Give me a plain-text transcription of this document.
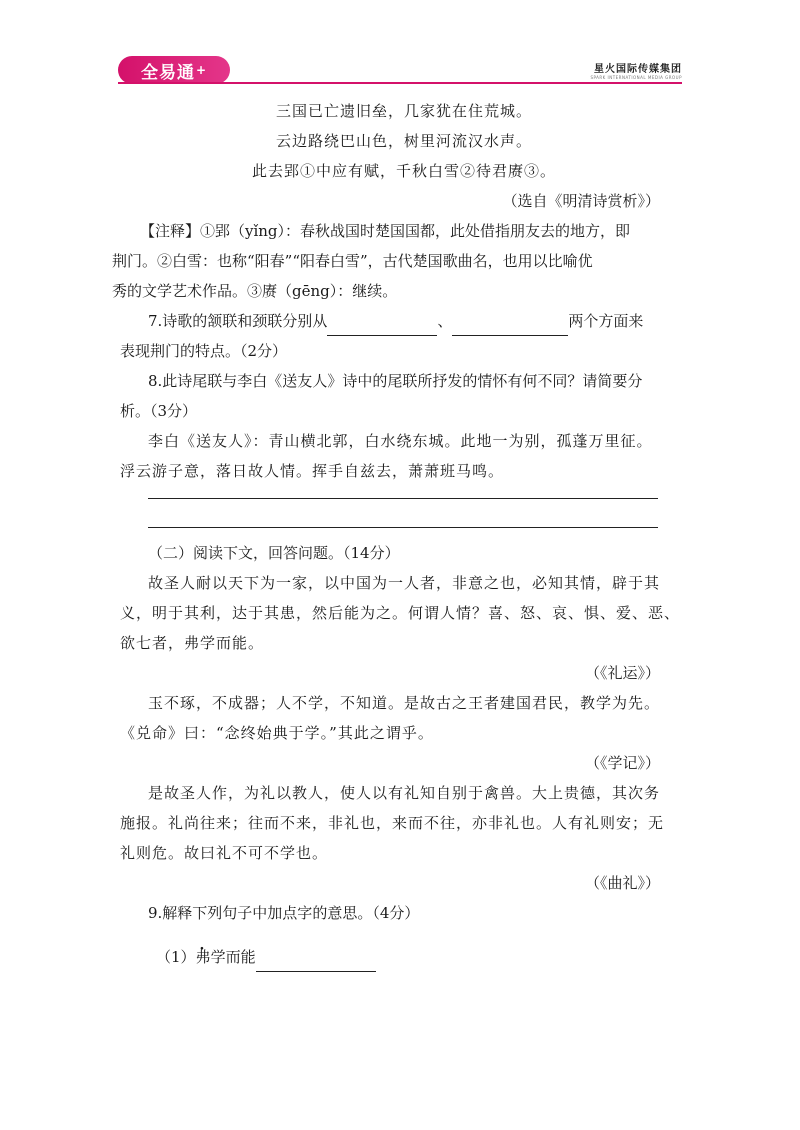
全易通 +	星火国际传媒集团
SPARK INTERNATIONAL MEDIA GROUP
三国已亡遗旧垒，几家犹在住荒城。
云边路绕巴山色，树里河流汉水声。
此去郢①中应有赋，千秋白雪②待君赓③。
（选自《明清诗赏析》）
【注释】①郢（yǐng）：春秋战国时楚国国都，此处借指朋友去的地方，即
荆门。②白雪：也称“阳春”“阳春白雪”，古代楚国歌曲名，也用以比喻优
秀的文学艺术作品。③赓（gēng）：继续。
7.诗歌的颔联和颈联分别从	、	两个方面来
表现荆门的特点。（2分）
8.此诗尾联与李白《送友人》诗中的尾联所抒发的情怀有何不同？请简要分
析。（3分）
李白《送友人》：青山横北郭，白水绕东城。此地一为别，孤蓬万里征。
浮云游子意，落日故人情。挥手自兹去，萧萧班马鸣。
（二）阅读下文，回答问题。（14分）
故圣人耐以天下为一家，以中国为一人者，非意之也，必知其情，辟于其
义，明于其利，达于其患，然后能为之。何谓人情？喜、怒、哀、惧、爱、恶、
欲七者，弗学而能。
（《礼运》）
玉不琢，不成器；人不学，不知道。是故古之王者建国君民，教学为先。
《兑命》曰：“念终始典于学。”其此之谓乎。
（《学记》）
是故圣人作，为礼以教人，使人以有礼知自别于禽兽。大上贵德，其次务
施报。礼尚往来；往而不来，非礼也，来而不往，亦非礼也。人有礼则安；无
礼则危。故曰礼不可不学也。
（《曲礼》）
9.解释下列句子中加点字的意思。（4分）
（1）弗学而能
